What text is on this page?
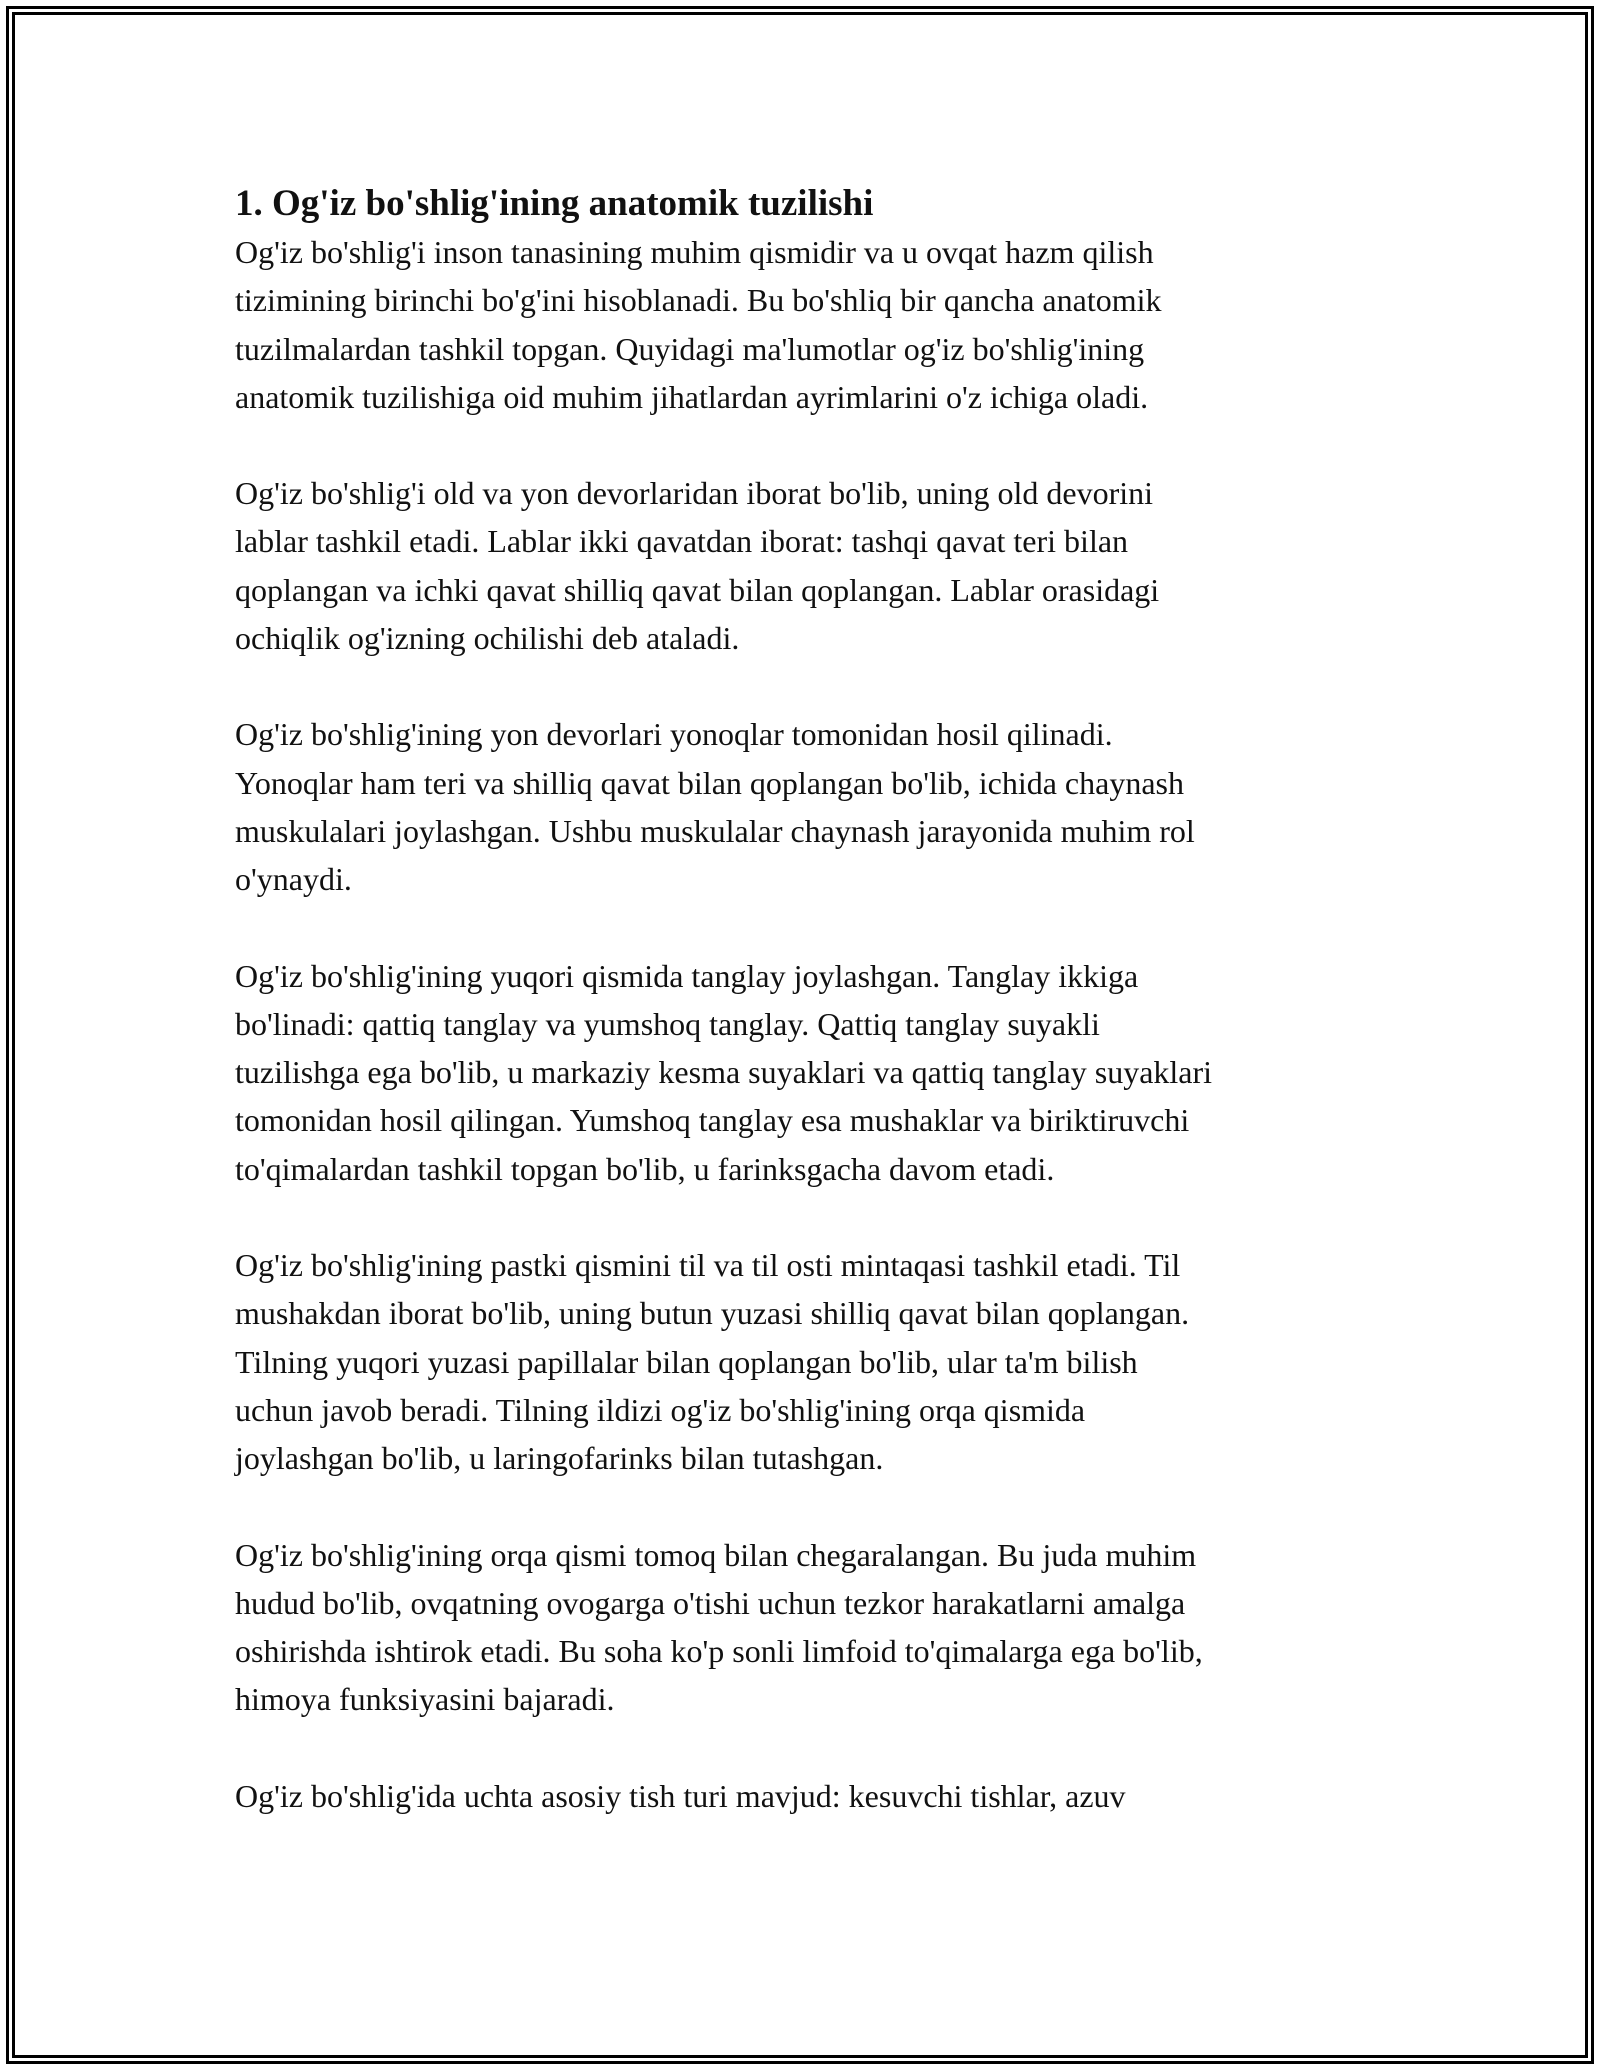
1. Og'iz bo'shlig'ining anatomik tuzilishi

Og'iz bo'shlig'i inson tanasining muhim qismidir va u ovqat hazm qilish
tizimining birinchi bo'g'ini hisoblanadi. Bu bo'shliq bir qancha anatomik
tuzilmalardan tashkil topgan. Quyidagi ma'lumotlar og'iz bo'shlig'ining
anatomik tuzilishiga oid muhim jihatlardan ayrimlarini o'z ichiga oladi.

Og'iz bo'shlig'i old va yon devorlaridan iborat bo'lib, uning old devorini
lablar tashkil etadi. Lablar ikki qavatdan iborat: tashqi qavat teri bilan
qoplangan va ichki qavat shilliq qavat bilan qoplangan. Lablar orasidagi
ochiqlik og'izning ochilishi deb ataladi.

Og'iz bo'shlig'ining yon devorlari yonoqlar tomonidan hosil qilinadi.
Yonoqlar ham teri va shilliq qavat bilan qoplangan bo'lib, ichida chaynash
muskulalari joylashgan. Ushbu muskulalar chaynash jarayonida muhim rol
o'ynaydi.

Og'iz bo'shlig'ining yuqori qismida tanglay joylashgan. Tanglay ikkiga
bo'linadi: qattiq tanglay va yumshoq tanglay. Qattiq tanglay suyakli
tuzilishga ega bo'lib, u markaziy kesma suyaklari va qattiq tanglay suyaklari
tomonidan hosil qilingan. Yumshoq tanglay esa mushaklar va biriktiruvchi
to'qimalardan tashkil topgan bo'lib, u farinksgacha davom etadi.

Og'iz bo'shlig'ining pastki qismini til va til osti mintaqasi tashkil etadi. Til
mushakdan iborat bo'lib, uning butun yuzasi shilliq qavat bilan qoplangan.
Tilning yuqori yuzasi papillalar bilan qoplangan bo'lib, ular ta'm bilish
uchun javob beradi. Tilning ildizi og'iz bo'shlig'ining orqa qismida
joylashgan bo'lib, u laringofarinks bilan tutashgan.

Og'iz bo'shlig'ining orqa qismi tomoq bilan chegaralangan. Bu juda muhim
hudud bo'lib, ovqatning ovogarga o'tishi uchun tezkor harakatlarni amalga
oshirishda ishtirok etadi. Bu soha ko'p sonli limfoid to'qimalarga ega bo'lib,
himoya funksiyasini bajaradi.

Og'iz bo'shlig'ida uchta asosiy tish turi mavjud: kesuvchi tishlar, azuv
